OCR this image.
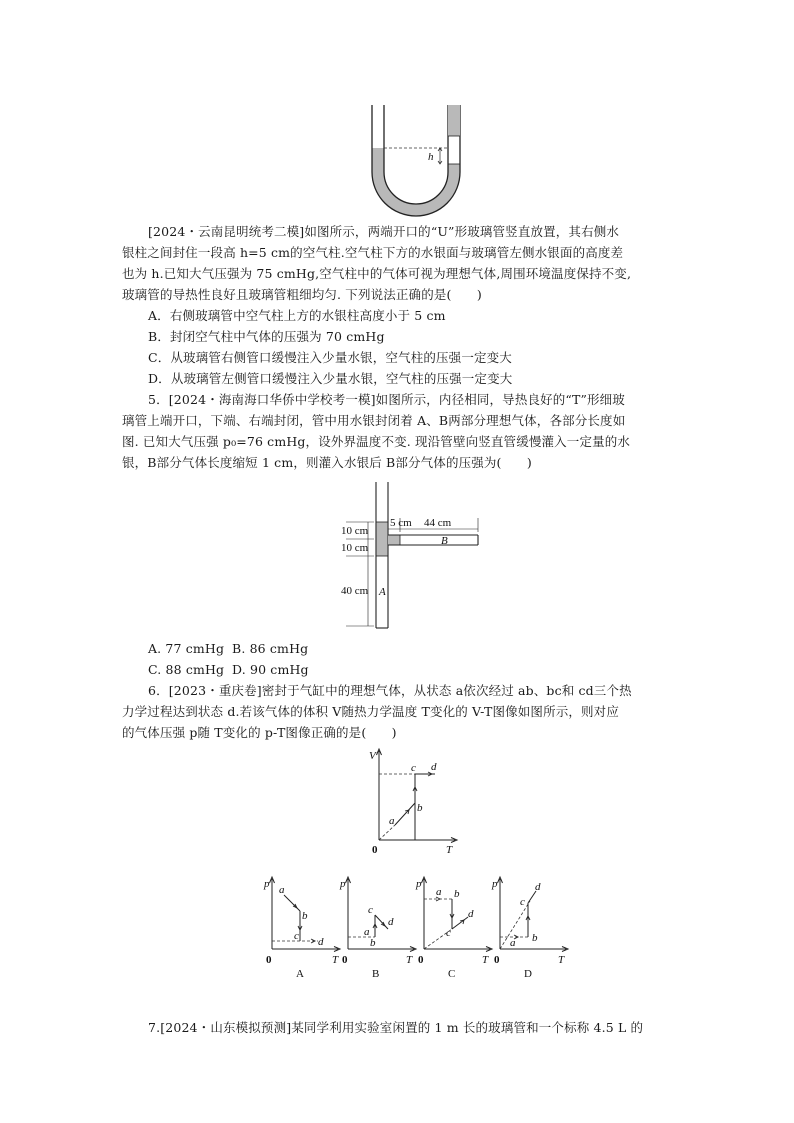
h
[2024・云南昆明统考二模]如图所示，两端开口的“U”形玻璃管竖直放置，其右侧水
银柱之间封住一段高 h=5 cm的空气柱.空气柱下方的水银面与玻璃管左侧水银面的高度差
也为 h.已知大气压强为 75 cmHg,空气柱中的气体可视为理想气体,周围环境温度保持不变,
玻璃管的导热性良好且玻璃管粗细均匀. 下列说法正确的是(　　)
A．右侧玻璃管中空气柱上方的水银柱高度小于 5 cm
B．封闭空气柱中气体的压强为 70 cmHg
C．从玻璃管右侧管口缓慢注入少量水银，空气柱的压强一定变大
D．从玻璃管左侧管口缓慢注入少量水银，空气柱的压强一定变大
5．[2024・海南海口华侨中学校考一模]如图所示，内径相同，导热良好的“T”形细玻
璃管上端开口，下端、右端封闭，管中用水银封闭着 A、B两部分理想气体，各部分长度如
图. 已知大气压强 p₀=76 cmHg，设外界温度不变. 现沿管壁向竖直管缓慢灌入一定量的水
银，B部分气体长度缩短 1 cm，则灌入水银后 B部分气体的压强为(　　)
10 cm
10 cm
40 cm
5 cm 44 cm
B
A
A. 77 cmHg B. 86 cmHg
C. 88 cmHg D. 90 cmHg
6．[2023・重庆卷]密封于气缸中的理想气体，从状态 a依次经过 ab、bc和 cd三个热
力学过程达到状态 d.若该气体的体积 V随热力学温度 T变化的 V-T图像如图所示，则对应
的气体压强 p随 T变化的 p-T图像正确的是(　　)
V
T
0
a
b
c d
p
T
0
a
b
c d
A
p
T
0
a
b
c
d
B
p
T
0
a b
c
d
C
p
T
0
a b
c
d
D
7.[2024・山东模拟预测]某同学利用实验室闲置的 1 m 长的玻璃管和一个标称 4.5 L 的
